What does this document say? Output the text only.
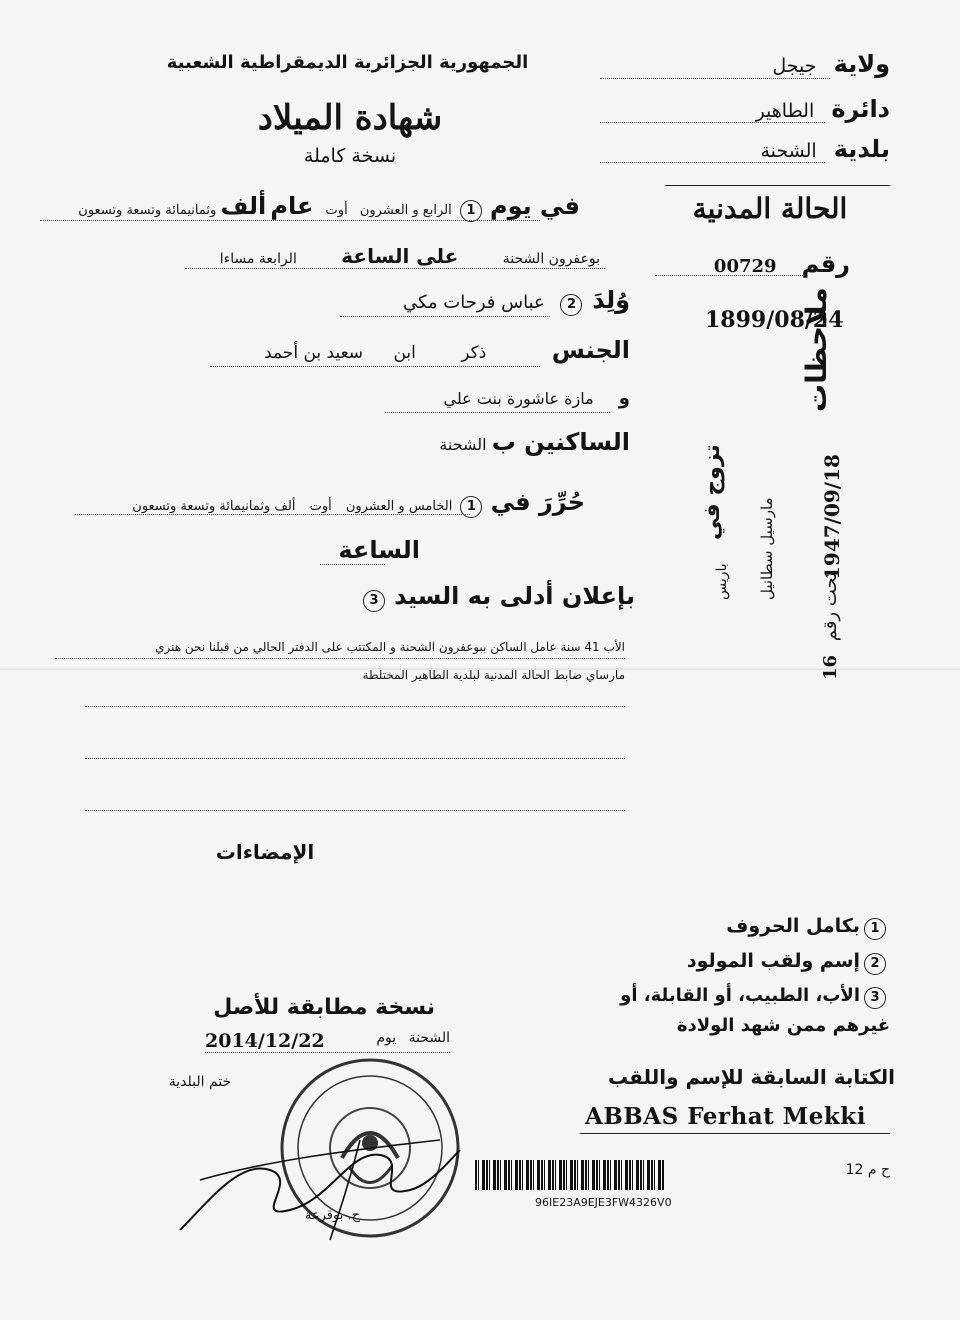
الجمهورية الجزائرية الديمقراطية الشعبية
شهادة الميلاد
نسخة كاملة
ولاية جيجل
دائرة الطاهير
بلدية الشحنة
الحالة المدنية
رقم 00729
1899/08/24
ملاحظات
تزوج في
باريس مارسيل سطانيل 1947/09/18
تحت رقم 16
في يوم 1 الرابع و العشرون أوت عام ألف وثمانيمائة وتسعة وتسعون
بوعفرون الشحنة على الساعة الرابعة مساءا
وُلِدَ 2 عباس فرحات مكي
الجنس ذكر ابن سعيد بن أحمد
و مازة عاشورة بنت علي
الساكنين ب الشحنة
حُرِّرَ في 1 الخامس و العشرون أوت ألف وثمانيمائة وتسعة وتسعون
الساعة
بإعلان أدلى به السيد 3
الأب 41 سنة عامل الساكن ببوعفرون الشحنة و المكتتب على الدفتر الحالي من قبلنا نحن هنري
مارساي ضابط الحالة المدنية لبلدية الطاهير المختلطة
الإمضاءات
1بكامل الحروف
2إسم ولقب المولود
3الأب، الطبيب، أو القابلة، أو
غيرهم ممن شهد الولادة
الكتابة السابقة للإسم واللقب
ABBAS Ferhat Mekki
نسخة مطابقة للأصل
الشحنة يوم
2014/12/22
ختم البلدية
ح. بوقرعة
96IE23A9EJE3FW4326V0
ح م 12
